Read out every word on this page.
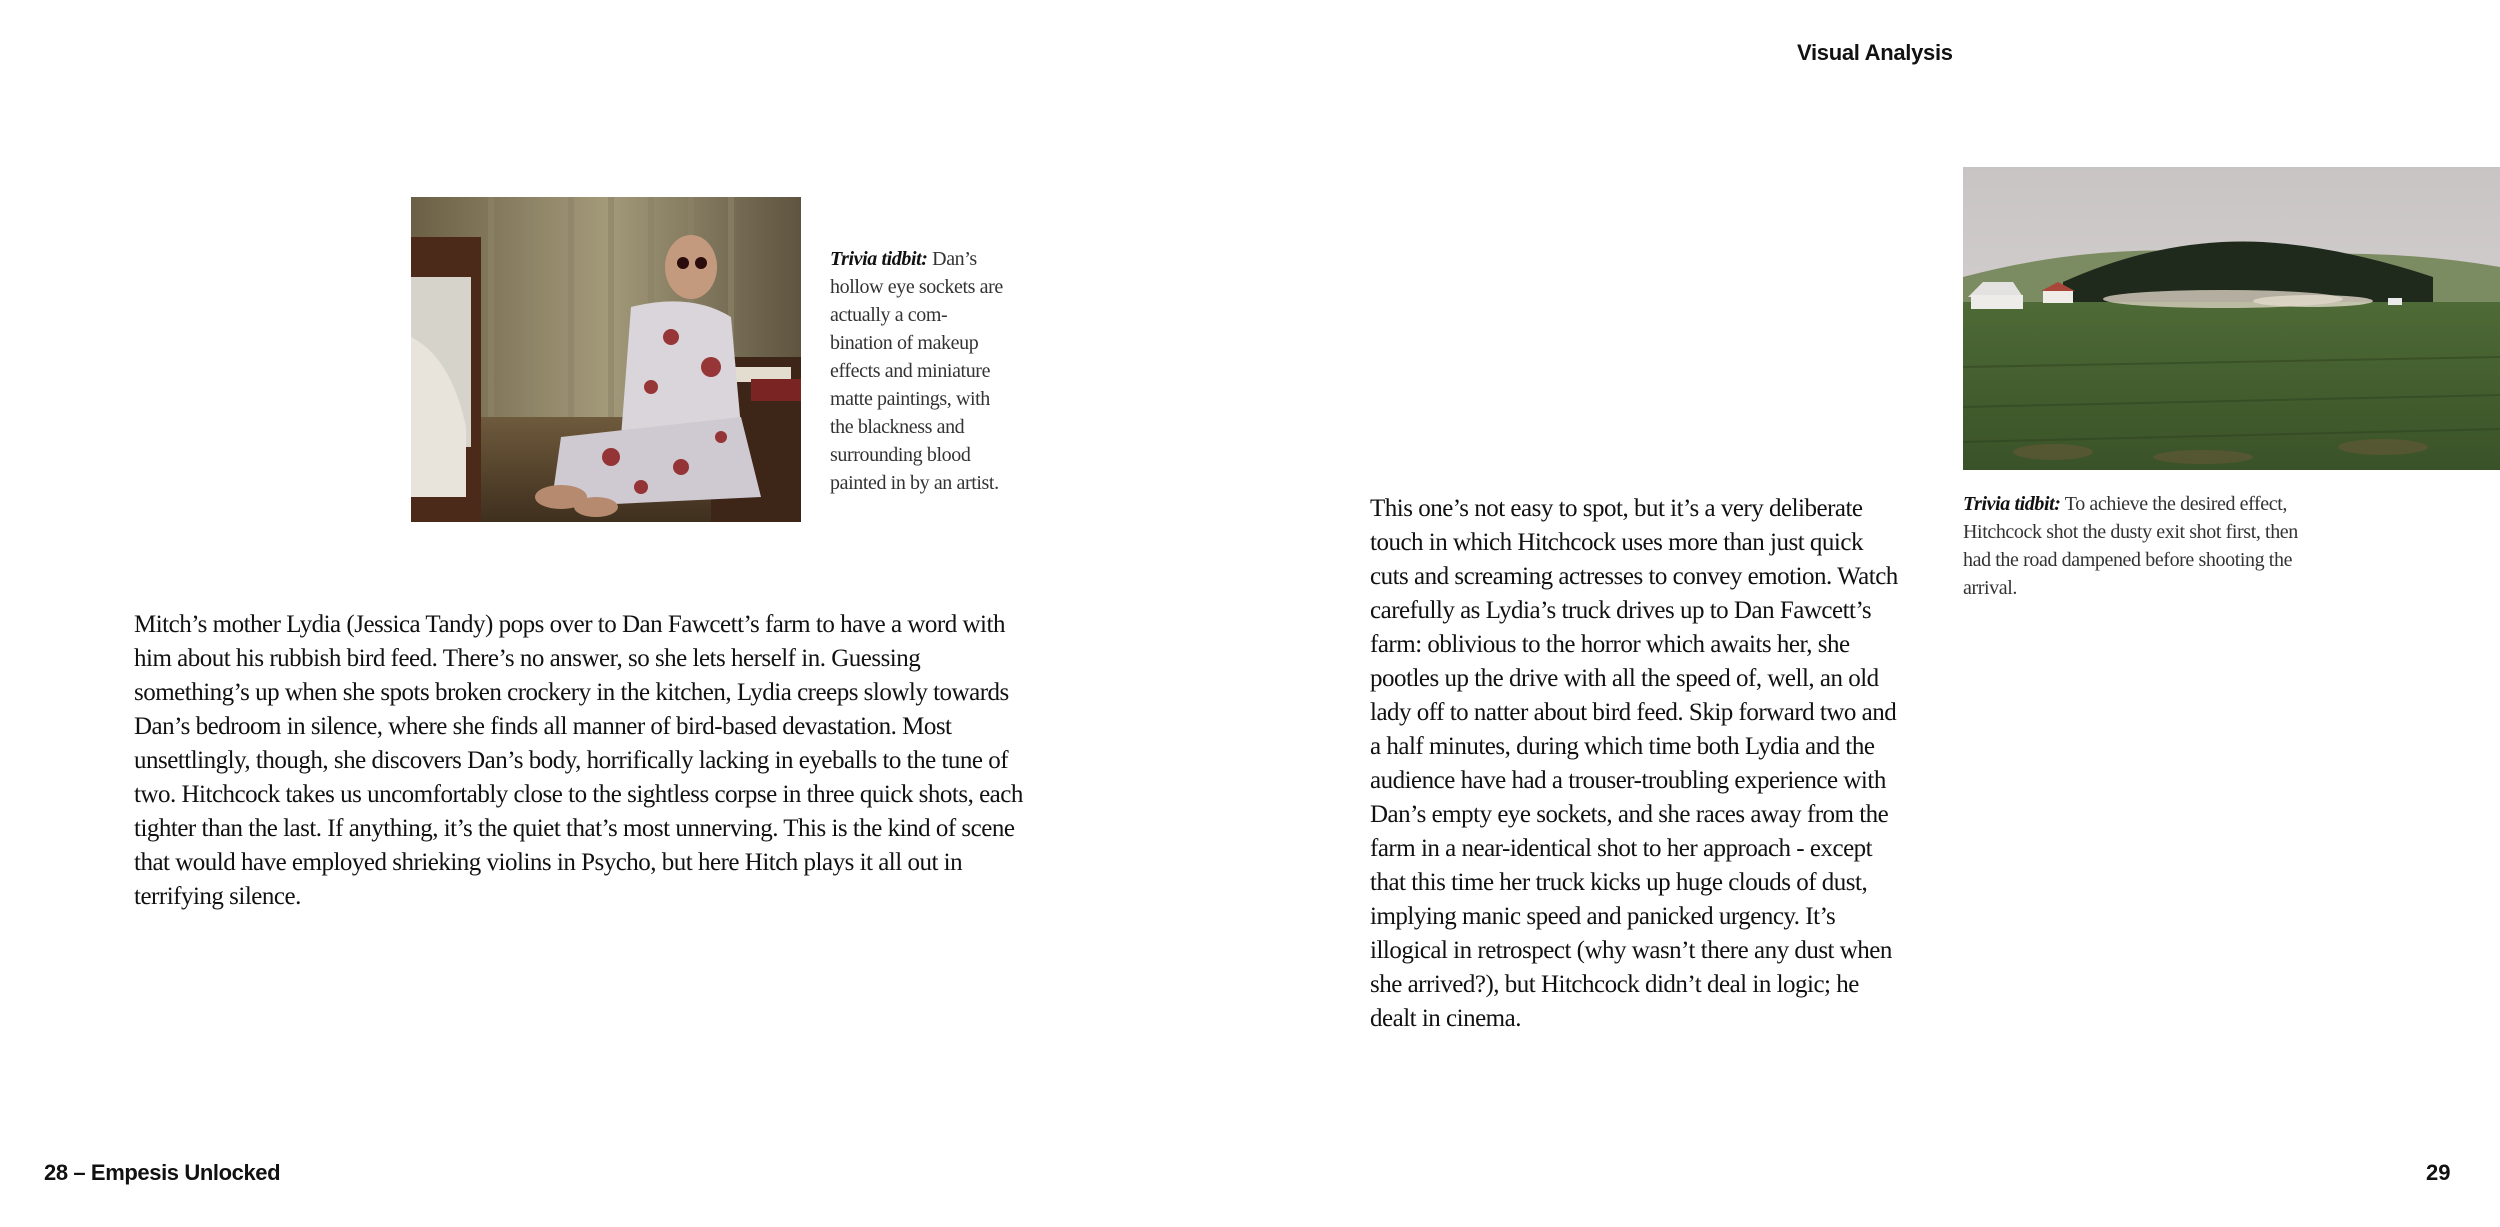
Visual Analysis
Trivia tidbit: Dan’s hollow eye sockets are actually a com-bination of makeup effects and miniature matte paintings, with the blackness and surrounding blood painted in by an artist.
Mitch’s mother Lydia (Jessica Tandy) pops over to Dan Fawcett’s farm to have a word with him about his rubbish bird feed. There’s no answer, so she lets herself in. Guessing something’s up when she spots broken crockery in the kitchen, Lydia creeps slowly towards Dan’s bedroom in silence, where she finds all manner of bird-based devastation. Most unsettlingly, though, she discovers Dan’s body, horrifically lacking in eyeballs to the tune of two. Hitchcock takes us uncomfortably close to the sightless corpse in three quick shots, each tighter than the last. If anything, it’s the quiet that’s most unnerving. This is the kind of scene that would have employed shrieking violins in Psycho, but here Hitch plays it all out in terrifying silence.
Trivia tidbit: To achieve the desired effect, Hitchcock shot the dusty exit shot first, then had the road dampened before shooting the arrival.
This one’s not easy to spot, but it’s a very deliberate touch in which Hitchcock uses more than just quick cuts and screaming actresses to convey emotion. Watch carefully as Lydia’s truck drives up to Dan Fawcett’s farm: oblivious to the horror which awaits her, she pootles up the drive with all the speed of, well, an old lady off to natter about bird feed. Skip forward two and a half minutes, during which time both Lydia and the audience have had a trouser-troubling experience with Dan’s empty eye sockets, and she races away from the farm in a near-identical shot to her approach - except that this time her truck kicks up huge clouds of dust, implying manic speed and panicked urgency. It’s illogical in retrospect (why wasn’t there any dust when she arrived?), but Hitchcock didn’t deal in logic; he dealt in cinema.
28 – Empesis Unlocked	29
